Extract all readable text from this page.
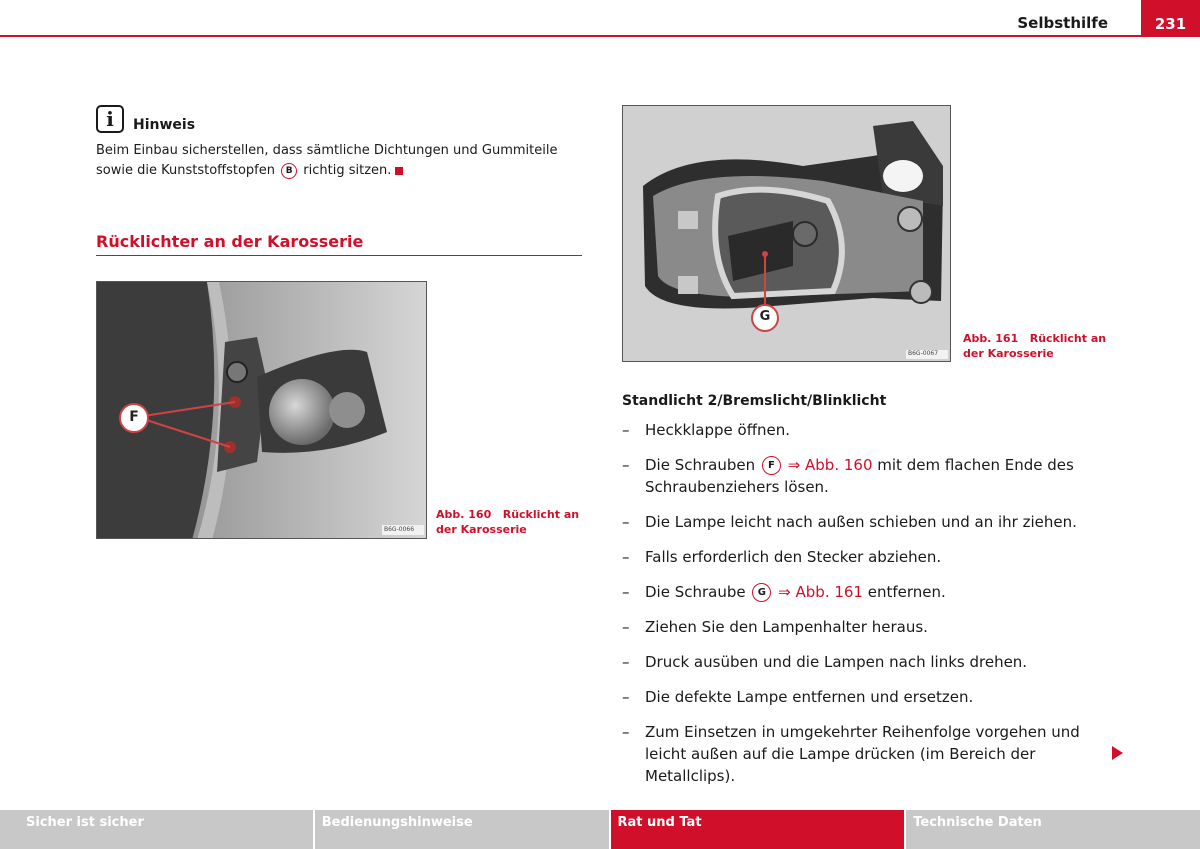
Selbsthilfe	231
i	Hinweis
Beim Einbau sicherstellen, dass sämtliche Dichtungen und Gummiteile sowie die Kunststoffstopfen B richtig sitzen.
Rücklichter an der Karosserie
F
B6G-0066
Abb. 160 Rücklicht an der Karosserie
G
B6G-0067
Abb. 161 Rücklicht an der Karosserie
Standlicht 2/Bremslicht/Blinklicht
– Heckklappe öffnen.
– Die Schrauben F ⇒ Abb. 160 mit dem flachen Ende des Schraubenziehers lösen.
– Die Lampe leicht nach außen schieben und an ihr ziehen.
– Falls erforderlich den Stecker abziehen.
– Die Schraube G ⇒ Abb. 161 entfernen.
– Ziehen Sie den Lampenhalter heraus.
– Druck ausüben und die Lampen nach links drehen.
– Die defekte Lampe entfernen und ersetzen.
– Zum Einsetzen in umgekehrter Reihenfolge vorgehen und leicht außen auf die Lampe drücken (im Bereich der Metallclips).
Sicher ist sicher	Bedienungshinweise	Rat und Tat	Technische Daten
